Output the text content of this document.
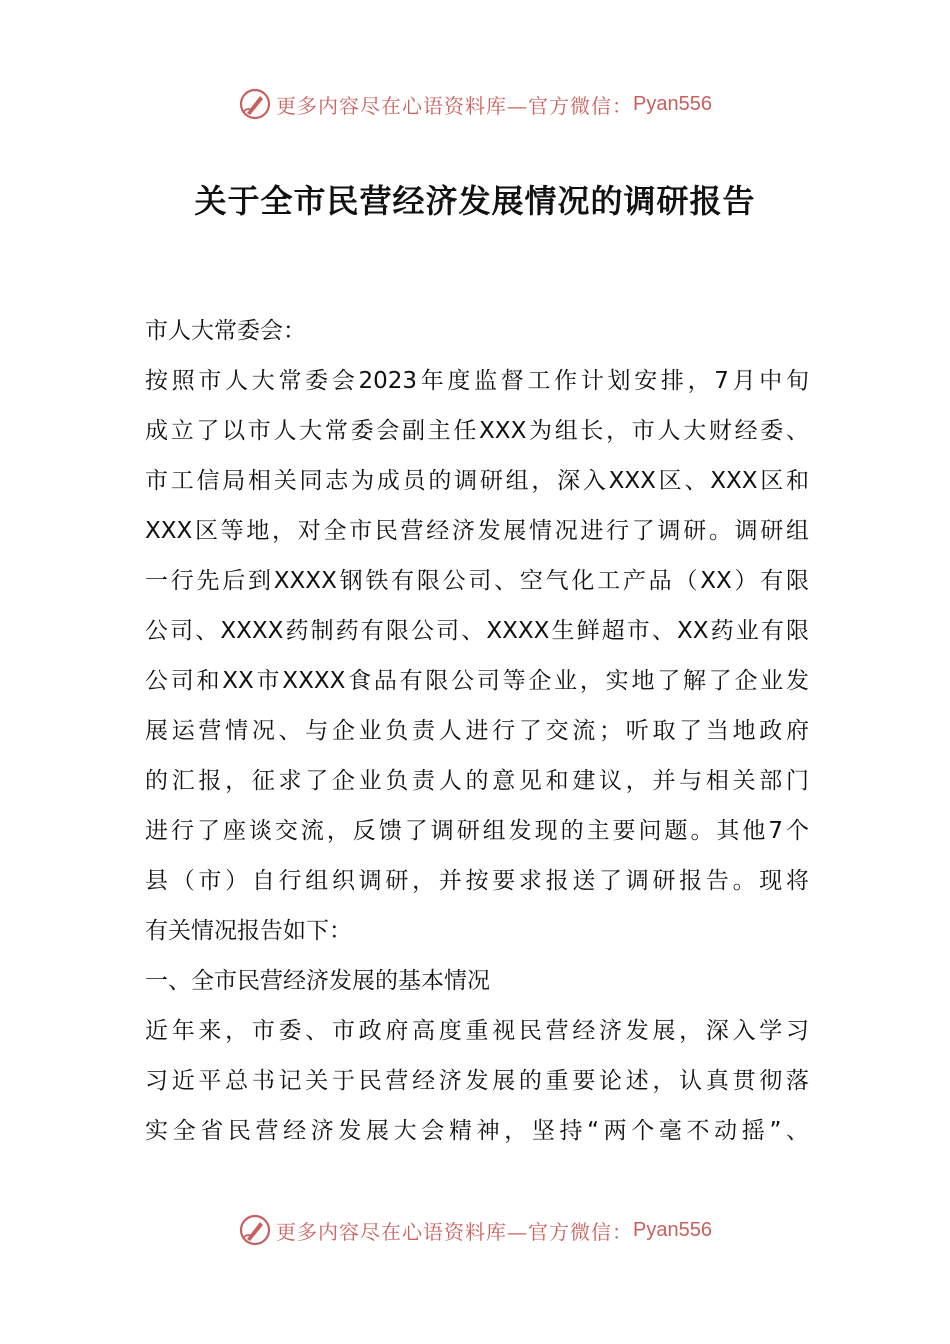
更多内容尽在心语资料库—官方微信： Pyan556
关于全市民营经济发展情况的调研报告
市人大常委会：
按照市人大常委会2023年度监督工作计划安排，7月中旬
成立了以市人大常委会副主任XXX为组长，市人大财经委、
市工信局相关同志为成员的调研组，深入XXX区、XXX区和
XXX区等地，对全市民营经济发展情况进行了调研。调研组
一行先后到XXXX钢铁有限公司、空气化工产品（XX）有限
公司、XXXX药制药有限公司、XXXX生鲜超市、XX药业有限
公司和XX市XXXX食品有限公司等企业，实地了解了企业发
展运营情况、与企业负责人进行了交流；听取了当地政府
的汇报，征求了企业负责人的意见和建议，并与相关部门
进行了座谈交流，反馈了调研组发现的主要问题。其他7个
县（市）自行组织调研，并按要求报送了调研报告。现将
有关情况报告如下：
一、全市民营经济发展的基本情况
近年来，市委、市政府高度重视民营经济发展，深入学习
习近平总书记关于民营经济发展的重要论述，认真贯彻落
实全省民营经济发展大会精神，坚持“两个毫不动摇”、
更多内容尽在心语资料库—官方微信： Pyan556
